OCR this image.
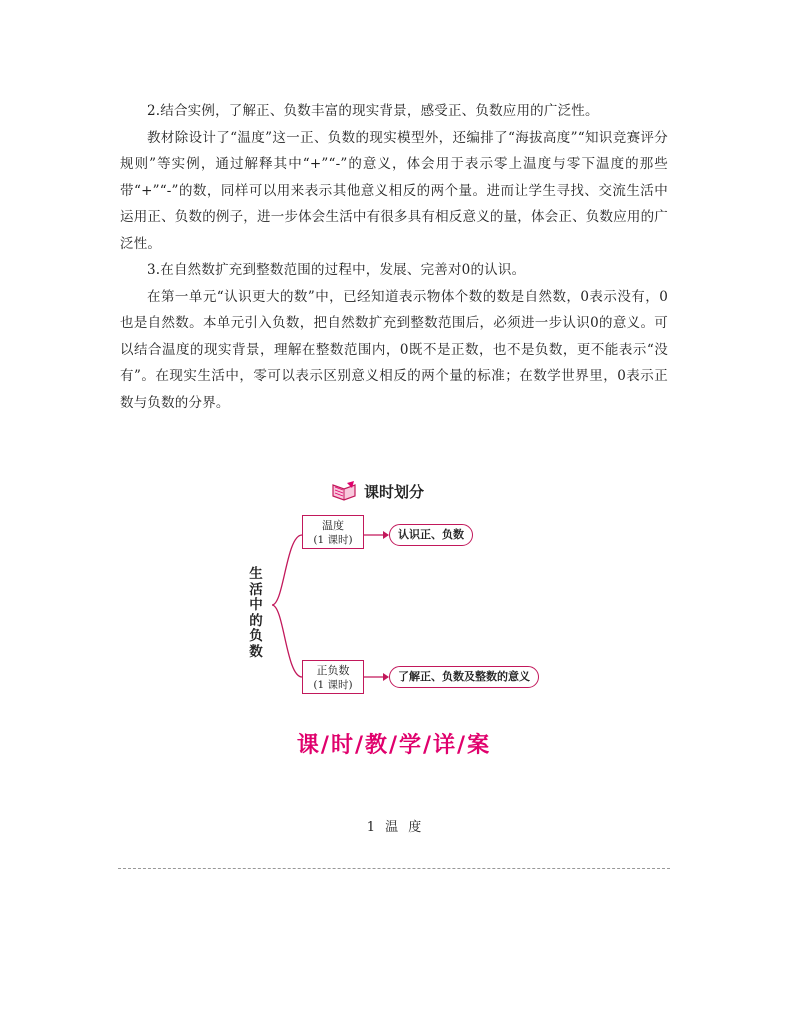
2.结合实例，了解正、负数丰富的现实背景，感受正、负数应用的广泛性。

教材除设计了“温度”这一正、负数的现实模型外，还编排了“海拔高度”“知识竞赛评分规则”等实例，通过解释其中“+”“-”的意义，体会用于表示零上温度与零下温度的那些带“+”“-”的数，同样可以用来表示其他意义相反的两个量。进而让学生寻找、交流生活中运用正、负数的例子，进一步体会生活中有很多具有相反意义的量，体会正、负数应用的广泛性。

3.在自然数扩充到整数范围的过程中，发展、完善对0的认识。

在第一单元“认识更大的数”中，已经知道表示物体个数的数是自然数，0表示没有，0也是自然数。本单元引入负数，把自然数扩充到整数范围后，必须进一步认识0的意义。可以结合温度的现实背景，理解在整数范围内，0既不是正数，也不是负数，更不能表示“没有”。在现实生活中，零可以表示区别意义相反的两个量的标准；在数学世界里，0表示正数与负数的分界。

课时划分
生活中的负数
温度
(1 课时)	认识正、负数
正负数
(1 课时)
了解正、负数及整数的意义
课/时/教/学/详/案
1 温 度
